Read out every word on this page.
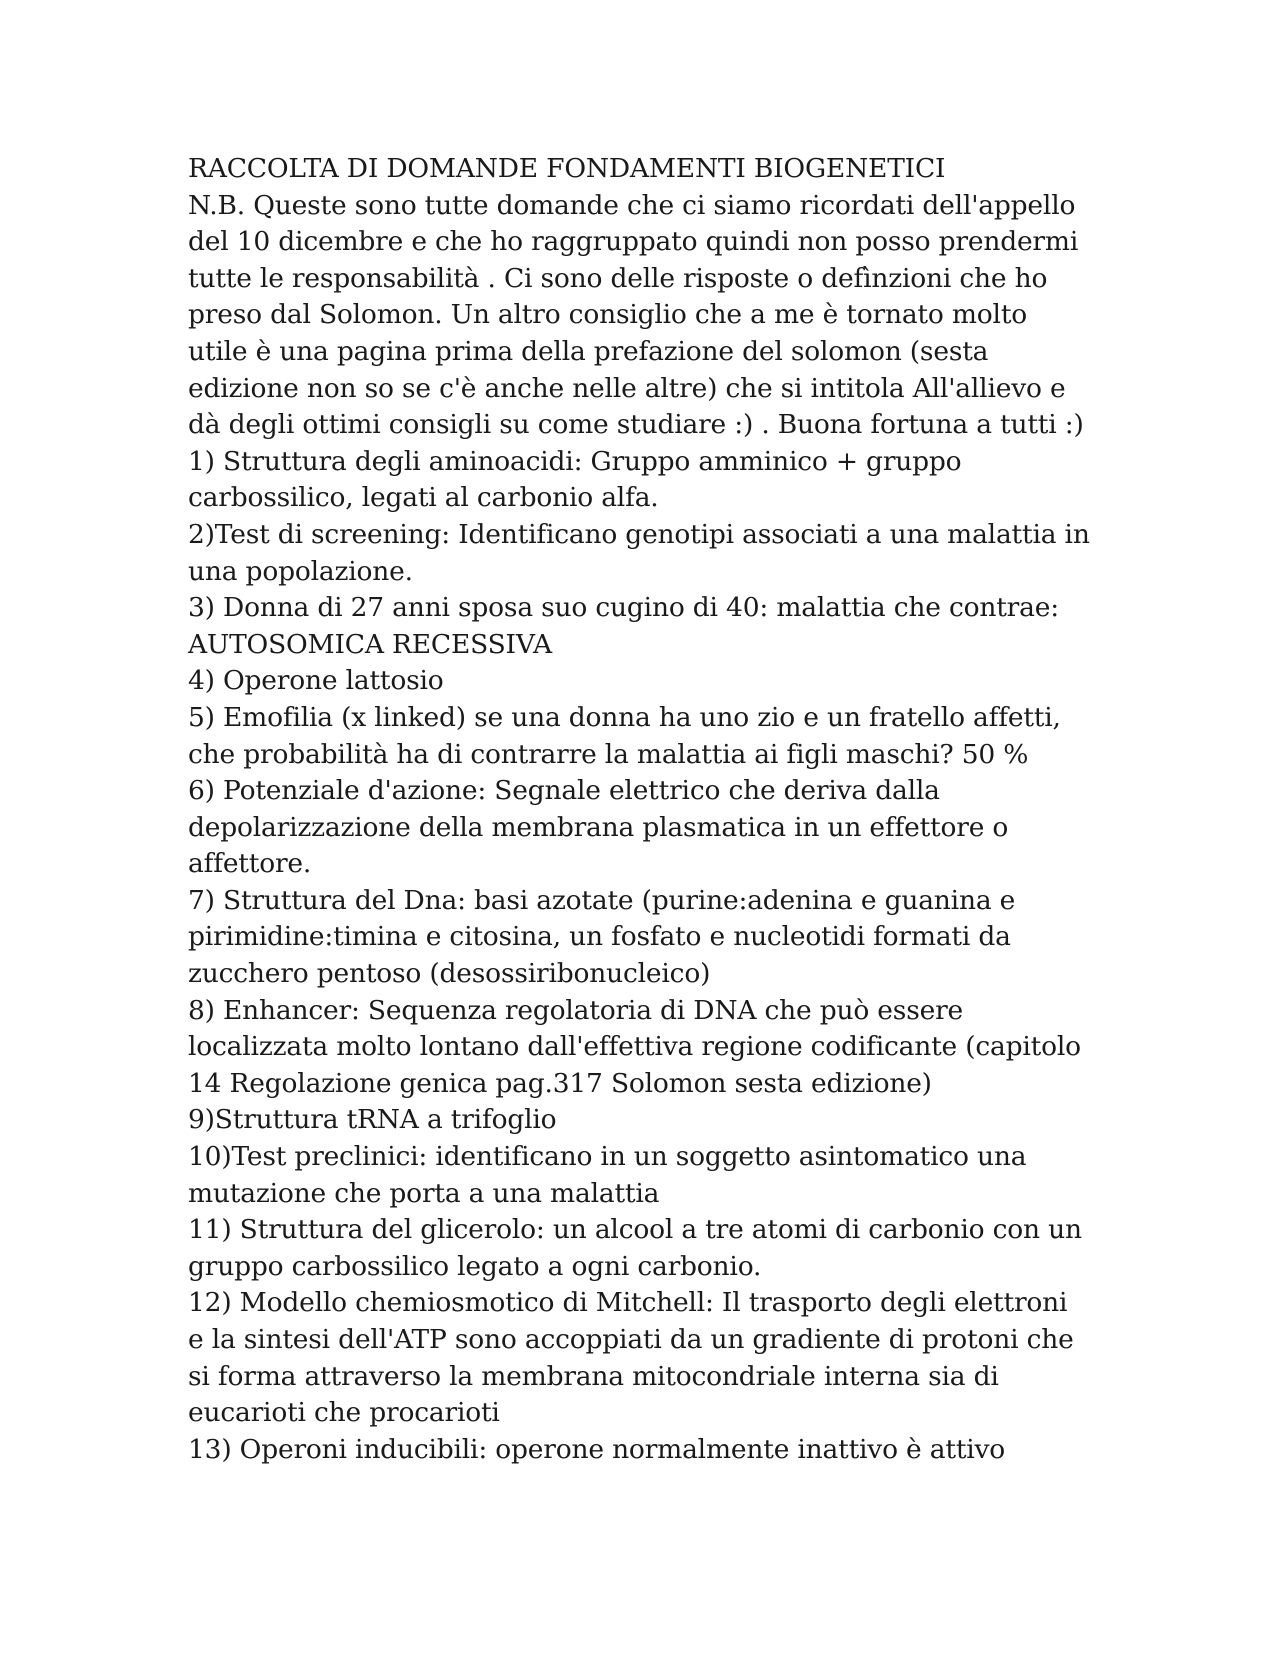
RACCOLTA DI DOMANDE FONDAMENTI BIOGENETICI
N.B. Queste sono tutte domande che ci siamo ricordati dell'appello
del 10 dicembre e che ho raggruppato quindi non posso prendermi
tutte le responsabilità . Ci sono delle risposte o defìnzioni che ho
preso dal Solomon. Un altro consiglio che a me è tornato molto
utile è una pagina prima della prefazione del solomon (sesta
edizione non so se c'è anche nelle altre) che si intitola All'allievo e
dà degli ottimi consigli su come studiare :) . Buona fortuna a tutti :)
1) Struttura degli aminoacidi: Gruppo amminico + gruppo
carbossilico, legati al carbonio alfa.
2)Test di screening: Identificano genotipi associati a una malattia in
una popolazione.
3) Donna di 27 anni sposa suo cugino di 40: malattia che contrae:
AUTOSOMICA RECESSIVA
4) Operone lattosio
5) Emofilia (x linked) se una donna ha uno zio e un fratello affetti,
che probabilità ha di contrarre la malattia ai figli maschi? 50 %
6) Potenziale d'azione: Segnale elettrico che deriva dalla
depolarizzazione della membrana plasmatica in un effettore o
affettore.
7) Struttura del Dna: basi azotate (purine:adenina e guanina e
pirimidine:timina e citosina, un fosfato e nucleotidi formati da
zucchero pentoso (desossiribonucleico)
8) Enhancer: Sequenza regolatoria di DNA che può essere
localizzata molto lontano dall'effettiva regione codificante (capitolo
14 Regolazione genica pag.317 Solomon sesta edizione)
9)Struttura tRNA a trifoglio
10)Test preclinici: identificano in un soggetto asintomatico una
mutazione che porta a una malattia
11) Struttura del glicerolo: un alcool a tre atomi di carbonio con un
gruppo carbossilico legato a ogni carbonio.
12) Modello chemiosmotico di Mitchell: Il trasporto degli elettroni
e la sintesi dell'ATP sono accoppiati da un gradiente di protoni che
si forma attraverso la membrana mitocondriale interna sia di
eucarioti che procarioti
13) Operoni inducibili: operone normalmente inattivo è attivo
